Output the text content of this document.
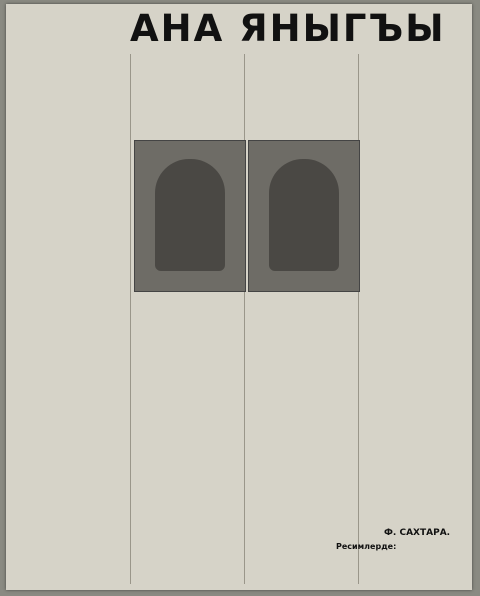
АНА ЯНЫГЪЫ
Ресимлерде:
Ф. САХТАРА.
